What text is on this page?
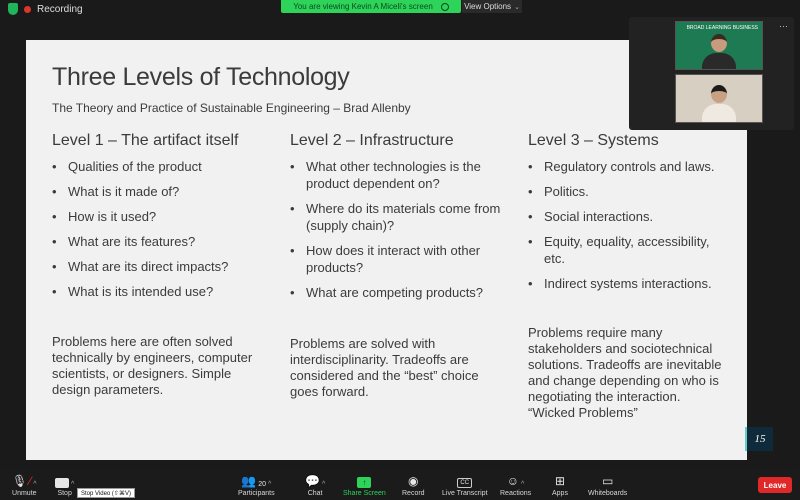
Recording	You are viewing Kevin A Miceli's screen	View Options ⌄
Three Levels of Technology
The Theory and Practice of Sustainable Engineering – Brad Allenby
Level 1 – The artifact itself
• Qualities of the product
• What is it made of?
• How is it used?
• What are its features?
• What are its direct impacts?
• What is its intended use?
Level 2 – Infrastructure
• What other technologies is the product dependent on?
• Where do its materials come from (supply chain)?
• How does it interact with other products?
• What are competing products?
Level 3 – Systems
• Regulatory controls and laws.
• Politics.
• Social interactions.
• Equity, equality, accessibility, etc.
• Indirect systems interactions.
Problems here are often solved technically by engineers, computer scientists, or designers. Simple design parameters.
Problems are solved with interdisciplinarity. Tradeoffs are considered and the “best” choice goes forward.
Problems require many stakeholders and sociotechnical solutions. Tradeoffs are inevitable and change depending on who is negotiating the interaction. “Wicked Problems”
15
···
BROAD LEARNING BUSINESS
🎙 ⁄ ^
Unmute
^
Stop
👥 20 ^
Participants
💬 ^
Chat
↑
Share Screen
◉
Record
CC
Live Transcript
☺ ^
Reactions
⊞
Apps
▭
Whiteboards
Stop Video (⇧⌘V)
Leave
